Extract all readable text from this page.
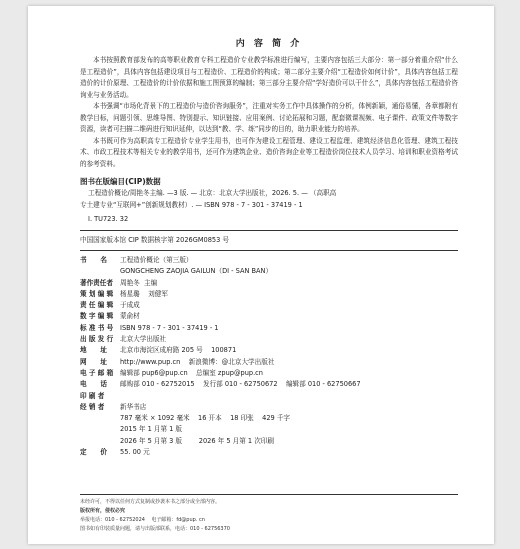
内 容 简 介

本书按照教育部发布的高等职业教育专科工程造价专业教学标准进行编写，主要内容包括三大部分：第一部分着重介绍“什么是工程造价”，具体内容包括建设项目与工程造价、工程造价的构成；第二部分主要介绍“工程造价如何计价”，具体内容包括工程造价的计价原理、工程造价的计价依据和施工图预算的编制；第三部分主要介绍“学好造价可以干什么”，具体内容包括工程造价咨询业与业务活动。

本书强调“市场化背景下的工程造价与造价咨询服务”，注重对实务工作中具体操作的分析，体例新颖，通俗易懂，各章都附有教学目标，问题引领、思维导图、特别提示、知识链接、应用案例、讨论拓展和习题，配套微课视频、电子课件、政策文件等数字资源，读者可扫描二维码进行知识延伸，以达到“教、学、练”同步的目的，助力职业能力的培养。

本书既可作为高职高专工程造价专业学生用书，也可作为建设工程管理、建设工程监理、建筑经济信息化管理、建筑工程技术、市政工程技术等相关专业的教学用书，还可作为建筑企业、造价咨询企业等工程造价岗位技术人员学习、培训和职业资格考试的参考资料。

图书在版编目(CIP)数据

工程造价概论/周艳冬主编. —3 版. — 北京：北京大学出版社，2026. 5. — （高职高

专土建专业“互联网+”创新规划教材）. — ISBN 978 - 7 - 301 - 37419 - 1

Ⅰ. TU723. 32

中国国家版本馆 CIP 数据核字第 2026GM0853 号

书      名	工程造价概论（第三版）
GONGCHENG ZAOJIA GAILUN（DI - SAN BAN）
著作责任者	周艳冬  主编
策 划 编 辑	杨星璐    刘健军
责 任 编 辑	于成成
数 字 编 辑	蒙俞材
标 准 书 号	ISBN 978 - 7 - 301 - 37419 - 1
出 版 发 行	北京大学出版社
地      址	北京市海淀区成府路 205 号    100871
网      址	http://www.pup.cn    新浪微博：@北京大学出版社
电 子 邮 箱	编辑部 pup6@pup.cn    总编室 zpup@pup.cn
电      话	邮购部 010 - 62752015    发行部 010 - 62750672    编辑部 010 - 62750667
印 刷 者
经 销 者	新华书店
787 毫米 × 1092 毫米    16 开本    18 印张    429 千字
2015 年 1 月第 1 版
2026 年 5 月第 3 版        2026 年 5 月第 1 次印刷
定      价	55. 00 元

未经许可，不得以任何方式复制或抄袭本书之部分或全部内容。

版权所有，侵权必究

举报电话：010 - 62752024    电子邮箱：fd@pup. cn

图书如有印装质量问题，请与出版部联系，电话：010 - 62756370
